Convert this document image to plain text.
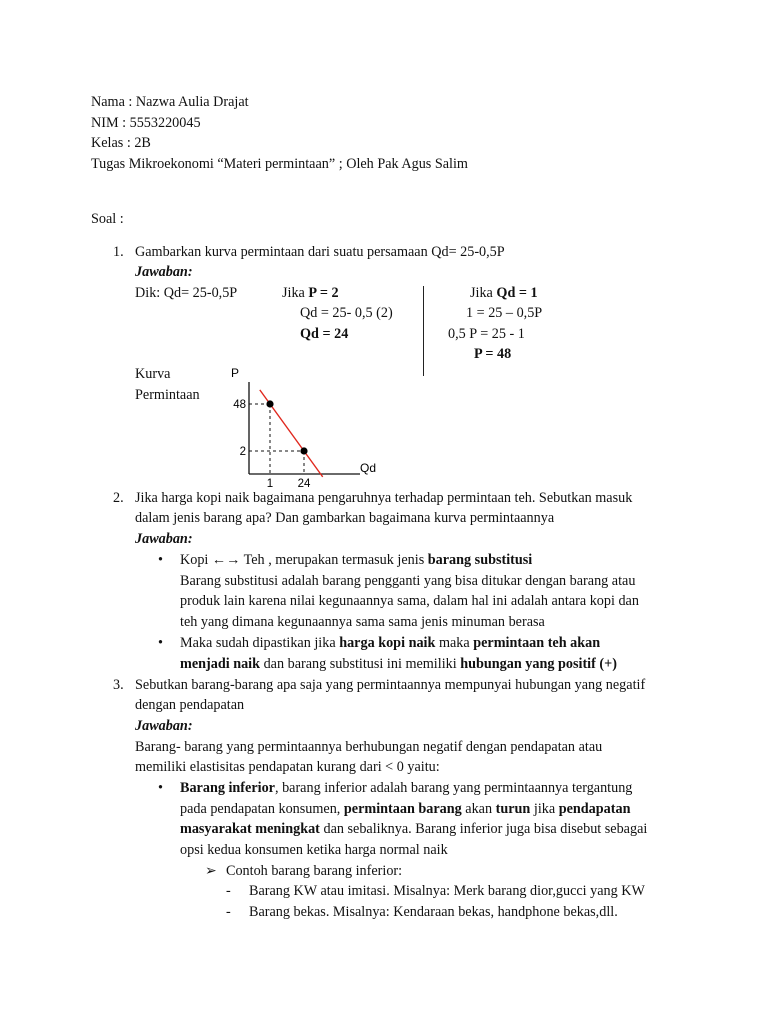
Nama : Nazwa Aulia Drajat
NIM : 5553220045
Kelas : 2B
Tugas Mikroekonomi “Materi permintaan” ; Oleh Pak Agus Salim
Soal :
1. Gambarkan kurva permintaan dari suatu persamaan Qd= 25-0,5P
Jawaban:
Dik: Qd= 25-0,5P	Jika P = 2
Qd = 25- 0,5 (2)
Qd = 24
Jika Qd = 1
1 = 25 – 0,5P
0,5 P = 25 - 1
P = 48
Kurva
Permintaan
P
Qd
48
2
1 24
2. Jika harga kopi naik bagaimana pengaruhnya terhadap permintaan teh. Sebutkan masuk
dalam jenis barang apa? Dan gambarkan bagaimana kurva permintaannya
Jawaban:
• Kopi ←→ Teh , merupakan termasuk jenis barang substitusi
Barang substitusi adalah barang pengganti yang bisa ditukar dengan barang atau
produk lain karena nilai kegunaannya sama, dalam hal ini adalah antara kopi dan
teh yang dimana kegunaannya sama sama jenis minuman berasa
• Maka sudah dipastikan jika harga kopi naik maka permintaan teh akan
menjadi naik dan barang substitusi ini memiliki hubungan yang positif (+)
3. Sebutkan barang-barang apa saja yang permintaannya mempunyai hubungan yang negatif
dengan pendapatan
Jawaban:
Barang- barang yang permintaannya berhubungan negatif dengan pendapatan atau
memiliki elastisitas pendapatan kurang dari < 0 yaitu:
• Barang inferior, barang inferior adalah barang yang permintaannya tergantung
pada pendapatan konsumen, permintaan barang akan turun jika pendapatan
masyarakat meningkat dan sebaliknya. Barang inferior juga bisa disebut sebagai
opsi kedua konsumen ketika harga normal naik
➢ Contoh barang barang inferior:
- Barang KW atau imitasi. Misalnya: Merk barang dior,gucci yang KW
- Barang bekas. Misalnya: Kendaraan bekas, handphone bekas,dll.
